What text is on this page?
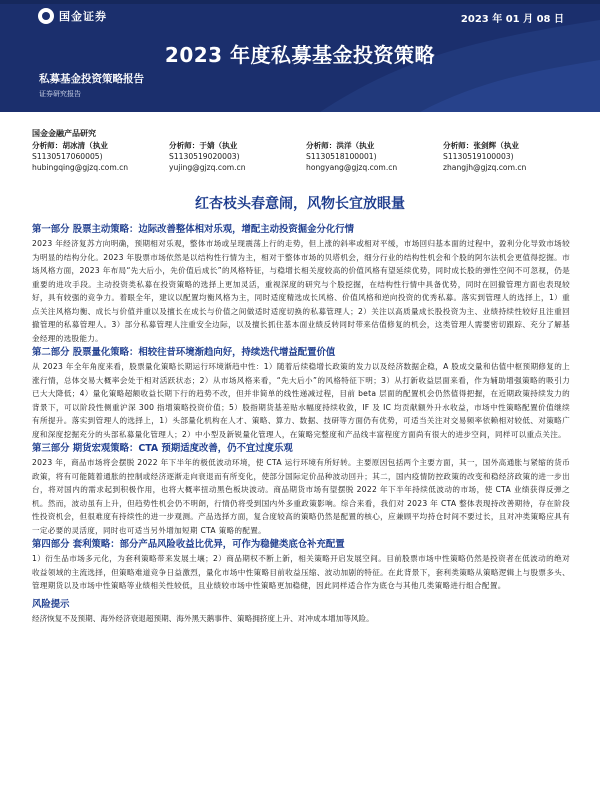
国金证券	2023 年 01 月 08 日
2023 年度私募基金投资策略
私募基金投资策略报告
证券研究报告
国金金融产品研究
分析师：胡冰清（执业
S1130517060005)
hubingqing@gjzq.com.cn
分析师：于婧（执业
S1130519020003)
yujing@gjzq.com.cn
分析师：洪洋（执业
S1130518100001)
hongyang@gjzq.com.cn
分析师：张剑辉（执业
S1130519100003)
zhangjh@gjzq.com.cn
红杏枝头春意闹，风物长宜放眼量
第一部分 股票主动策略：边际改善整体相对乐观，增配主动投资掘金分化行情

2023 年经济复苏方向明确，预期相对乐观，整体市场或呈现震荡上行的走势，但上涨的斜率或相对平缓，市场回归基本面的过程中，盈利分化导致市场较为明显的结构分化。2023 年股票市场依然是以结构性行情为主，相对于整体市场的贝塔机会，细分行业的结构性机会和个股的阿尔法机会更值得挖掘。市场风格方面，2023 年布局“先大后小，先价值后成长”的风格特征，与稳增长相关度较高的价值风格有望延续优势，同时成长股的弹性空间不可忽视，仍是重要的进攻手段。主动投资类私募在投资策略的选择上更加灵活，重视深度的研究与个股挖掘，在结构性行情中具备优势，同时在回撤管理方面也表现较好，具有较强的竞争力。着眼全年，建议以配置均衡风格为主，同时适度精选成长风格、价值风格和逆向投资的优秀私募。落实到管理人的选择上，1）重点关注风格均衡、成长与价值并重以及擅长在成长与价值之间做适时适度切换的私募管理人；2）关注以高质量成长股投资为主、业绩持续性较好且注重回撤管理的私募管理人。3）部分私募管理人注重安全边际，以及擅长抓住基本面业绩反转同时带来估值修复的机会，这类管理人需要密切跟踪、充分了解基金经理的选股能力。

第二部分 股票量化策略：相较往昔环境渐趋向好，持续迭代增益配置价值

从 2023 年全年角度来看，股票量化策略长期运行环境渐趋中性：1）随着后续稳增长政策的发力以及经济数据企稳，A 股成交量和估值中枢预期修复的上涨行情，总体交易大概率会处于相对活跃状态；2）从市场风格来看，“先大后小”的风格特征下明；3）从打新收益层面来看，作为辅助增强策略的吸引力已大大降低；4）量化策略超额收益长期下行的趋势不改，但并非简单的线性递减过程，目前 beta 层面的配置机会仍然值得把握，在近期政策持续发力的背景下，可以阶段性侧重沪深 300 指增策略投资价值；5）股指期货基差贴水幅度持续收敛，IF 及 IC 均贡献额外升水收益，市场中性策略配置价值继续有所提升。落实到管理人的选择上，1）头部量化机构在人才、策略、算力、数据、技研等方面仍有优势，可适当关注对交易频率依赖相对较低、对策略广度和深度挖掘充分的头部私募量化管理人；2）中小型及新锐量化管理人，在策略完整度和产品线丰富程度方面尚有很大的进步空间，同样可以重点关注。

第三部分 期货宏观策略：CTA 预期适度改善，仍不宜过度乐观

2023 年，商品市场将会摆脱 2022 年下半年的极低波动环境，使 CTA 运行环境有所好转。主要原因包括两个主要方面，其一，国外高通胀与紧缩的货币政策，将有可能随着通胀的控制或经济逐渐走向衰退而有所变化，使部分国际定价品种波动回升；其二，国内疫情防控政策的改变和稳经济政策的进一步出台，将对国内的需求起到积极作用，也将大概率扭动黑色板块波动。商品期货市场有望摆脱 2022 年下半年持续低波动的市场，使 CTA 业绩获得反弹之机。然而，波动虽有上升，但趋势性机会仍不明朗，行情仍将受到国内外多重政策影响。综合来看，我们对 2023 年 CTA 整体表现持改善期待，存在阶段性投资机会，但很难度有持续性的进一步观测。产品选择方面，复合度较高的策略仍然是配置的核心，应兼顾平均持仓时间不要过长，且对冲类策略应具有一定必要的灵活度，同时也可适当另外增加短期 CTA 策略的配置。

第四部分 套利策略：部分产品风险收益比优异，可作为稳健类底仓补充配置

1）衍生品市场多元化，为套利策略带来发展土壤；2）商品期权不断上新，相关策略开启发展空间。目前股票市场中性策略仍然是投资者在低波动的绝对收益领域的主流选择，但策略难道竞争日益激烈，量化市场中性策略目前收益压缩、波动加剧的特征。在此背景下，套利类策略从策略逻辑上与股票多头、管理期货以及市场中性策略等业绩相关性较低，且业绩较市场中性策略更加稳健，因此同样适合作为底仓与其他几类策略进行组合配置。

风险提示
经济恢复不及预期、海外经济衰退超预期、海外黑天鹅事件、策略拥挤度上升、对冲成本增加等风险。
